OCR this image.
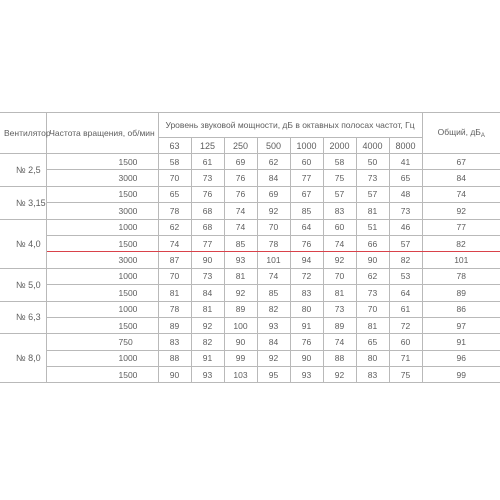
Вентилятор	Частота вращения, об/мин	Уровень звуковой мощности, дБ в октавных полосах частот, Гц								Общий, $дБ_А$
		63	125	250	500	1000	2000	4000	8000	
№ 2,5	1500	58	61	69	62	60	58	50	41	67
	3000	70	73	76	84	77	75	73	65	84
№ 3,15	1500	65	76	76	69	67	57	57	48	74
	3000	78	68	74	92	85	83	81	73	92
№ 4,0	1000	62	68	74	70	64	60	51	46	77
	1500	74	77	85	78	76	74	66	57	82
	3000	87	90	93	101	94	92	90	82	101
№ 5,0	1000	70	73	81	74	72	70	62	53	78
	1500	81	84	92	85	83	81	73	64	89
№ 6,3	1000	78	81	89	82	80	73	70	61	86
	1500	89	92	100	93	91	89	81	72	97
№ 8,0	750	83	82	90	84	76	74	65	60	91
	1000	88	91	99	92	90	88	80	71	96
	1500	90	93	103	95	93	92	83	75	99
